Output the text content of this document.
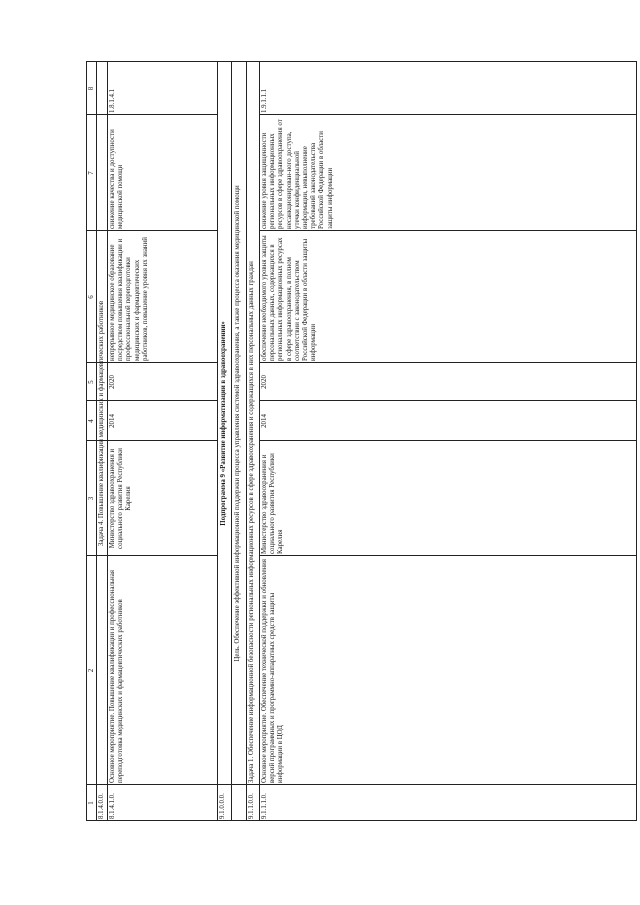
1
2
3
4
5
6
7
8
8.1.4.0.0.
Задача 4. Повышение квалификации медицинских и фармацевтических работников
8.1.4.1.0.
Основное мероприятие. Повышение квалификации и профессиональная переподготовка медицинских и фармацевтических работников
Министерство здравоохранения и социального развития Республики Карелия
2014
2020
непрерывное медицинское образование посредством повышения квалификации и профессиональной переподготовки медицинских и фармацевтических работников, повышение уровня их знаний
снижение качества и доступности медицинской помощи
1.8.1.4.1
9.1.0.0.0.
Подпрограмма 9 «Развитие информатизации в здравоохранении»	Цель. Обеспечение эффективной информационной поддержки процесса управления системой здравоохранения, а также процесса оказания медицинской помощи
9.1.1.0.0.
Задача 1. Обеспечение информационной безопасности региональных информационных ресурсов в сфере здравоохранения и содержащихся в них персональных данных граждан
9.1.1.1.0.
Основное мероприятие. Обеспечение технической поддержки и обновления версий программных и программно-аппаратных средств защиты информации в ЦОД
Министерство здравоохранения и социального развития Республики Карелия
2014
2020
обеспечение необходимого уровня защиты персональных данных, содержащихся в региональных информационных ресурсах в сфере здравоохранения, в полном соответствии с законодательством Российской Федерации в области защиты информации
снижение уровня защищенности региональных информационных ресурсов в сфере здравоохранения от несанкционирован-ного доступа, утечки конфиденциальной информации, невыполнение требований законодательства Российской Федерации в области защиты информации
1.9.1.1.1
